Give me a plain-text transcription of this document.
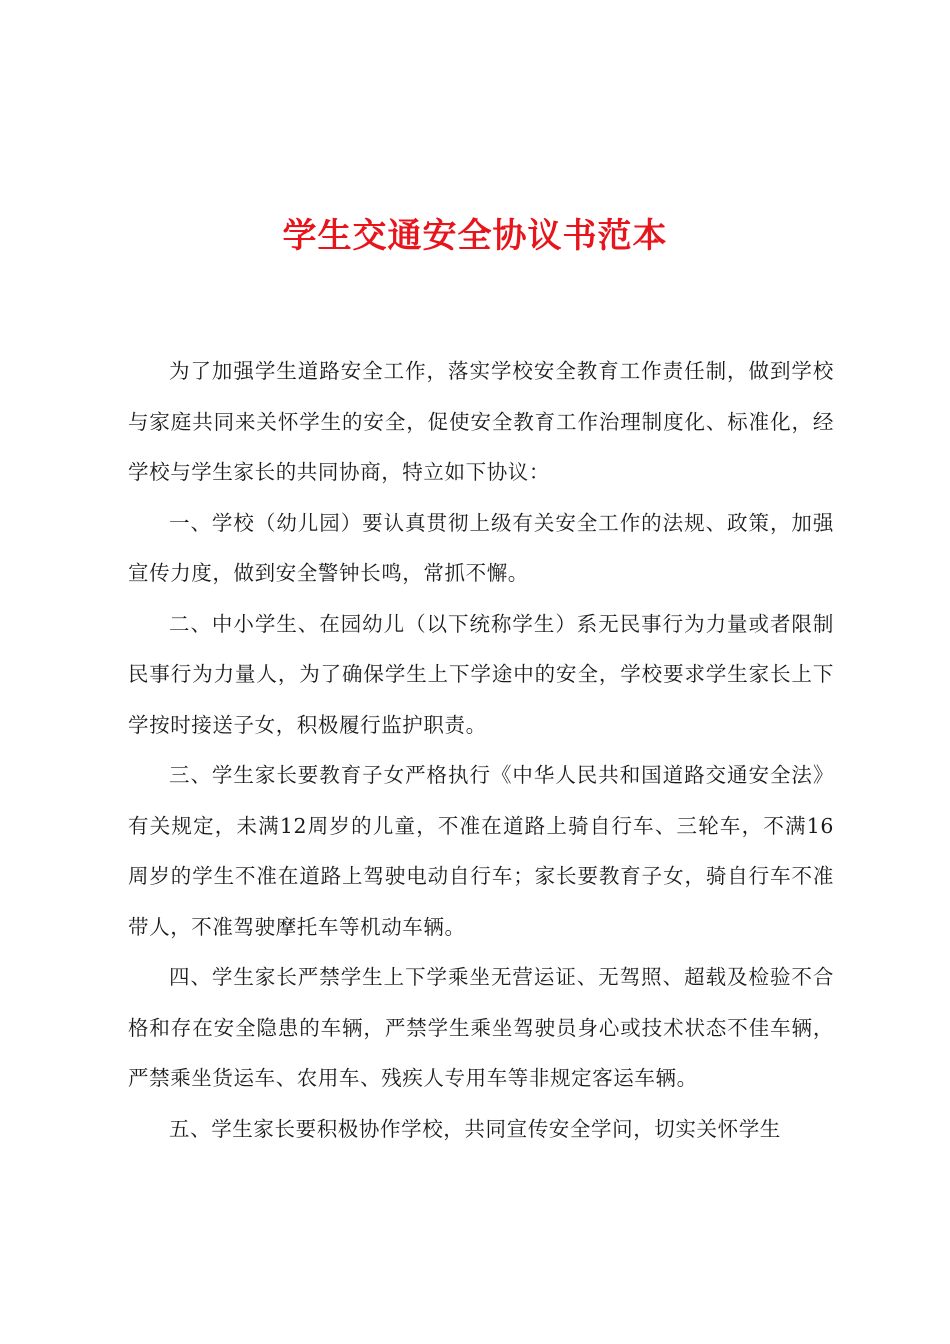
学生交通安全协议书范本

为了加强学生道路安全工作，落实学校安全教育工作责任制，做到学校与家庭共同来关怀学生的安全，促使安全教育工作治理制度化、标准化，经学校与学生家长的共同协商，特立如下协议：

一、学校（幼儿园）要认真贯彻上级有关安全工作的法规、政策，加强宣传力度，做到安全警钟长鸣，常抓不懈。

二、中小学生、在园幼儿（以下统称学生）系无民事行为力量或者限制民事行为力量人，为了确保学生上下学途中的安全，学校要求学生家长上下学按时接送子女，积极履行监护职责。

三、学生家长要教育子女严格执行《中华人民共和国道路交通安全法》有关规定，未满12周岁的儿童，不准在道路上骑自行车、三轮车，不满16周岁的学生不准在道路上驾驶电动自行车；家长要教育子女，骑自行车不准带人，不准驾驶摩托车等机动车辆。

四、学生家长严禁学生上下学乘坐无营运证、无驾照、超载及检验不合格和存在安全隐患的车辆，严禁学生乘坐驾驶员身心或技术状态不佳车辆，严禁乘坐货运车、农用车、残疾人专用车等非规定客运车辆。

五、学生家长要积极协作学校，共同宣传安全学问，切实关怀学生
